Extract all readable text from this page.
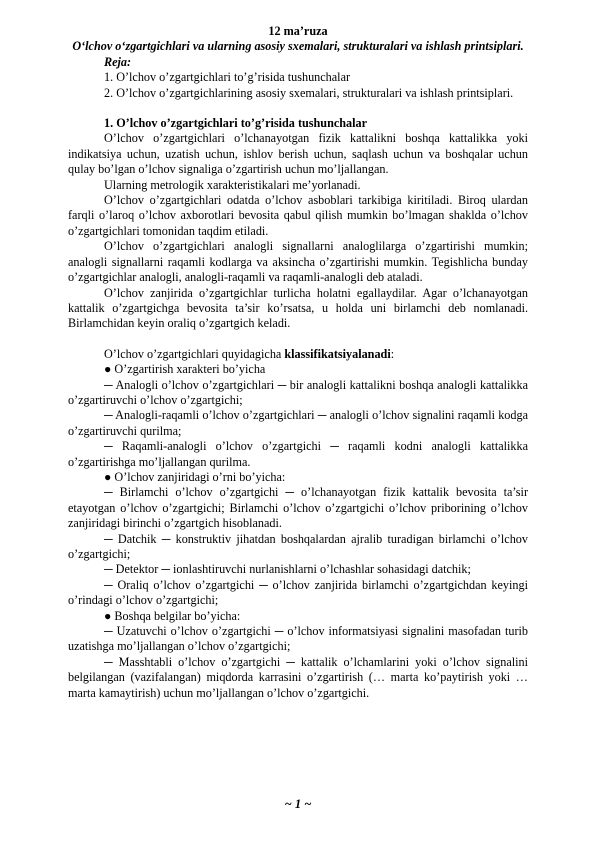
12 ma’ruza
O‘lchov o‘zgartgichlari va ularning asosiy sxemalari, strukturalari va ishlash printsiplari.
Reja:
1. O’lchov o’zgartgichlari to’g’risida tushunchalar
2. O’lchov o’zgartgichlarining asosiy sxemalari, strukturalari va ishlash printsiplari.
1. O’lchov o’zgartgichlari to’g’risida tushunchalar
O’lchov o’zgartgichlari o’lchanayotgan fizik kattalikni boshqa kattalikka yoki indikatsiya uchun, uzatish uchun, ishlov berish uchun, saqlash uchun va boshqalar uchun qulay bo’lgan o’lchov signaliga o’zgartirish uchun mo’ljallangan.
Ularning metrologik xarakteristikalari me’yorlanadi.
O’lchov o’zgartgichlari odatda o’lchov asboblari tarkibiga kiritiladi. Biroq ulardan farqli o’laroq o’lchov axborotlari bevosita qabul qilish mumkin bo’lmagan shaklda o’lchov o’zgartgichlari tomonidan taqdim etiladi.
O’lchov o’zgartgichlari analogli signallarni analoglilarga o’zgartirishi mumkin; analogli signallarni raqamli kodlarga va aksincha o’zgartirishi mumkin. Tegishlicha bunday o’zgartgichlar analogli, analogli-raqamli va raqamli-analogli deb ataladi.
O’lchov zanjirida o’zgartgichlar turlicha holatni egallaydilar. Agar o’lchanayotgan kattalik o’zgartgichga bevosita ta’sir ko’rsatsa, u holda uni birlamchi deb nomlanadi. Birlamchidan keyin oraliq o’zgartgich keladi.
O’lchov o’zgartgichlari quyidagicha klassifikatsiyalanadi:
● O’zgartirish xarakteri bo’yicha
─ Analogli o’lchov o’zgartgichlari ─ bir analogli kattalikni boshqa analogli kattalikka o’zgartiruvchi o’lchov o’zgartgichi;
─ Analogli-raqamli o’lchov o’zgartgichlari ─ analogli o’lchov signalini raqamli kodga o’zgartiruvchi qurilma;
─ Raqamli-analogli o’lchov o’zgartgichi ─ raqamli kodni analogli kattalikka o’zgartirishga mo’ljallangan qurilma.
● O’lchov zanjiridagi o’rni bo’yicha:
─ Birlamchi o’lchov o’zgartgichi ─ o’lchanayotgan fizik kattalik bevosita ta’sir etayotgan o’lchov o’zgartgichi; Birlamchi o’lchov o’zgartgichi o’lchov priborining o’lchov zanjiridagi birinchi o’zgartgich hisoblanadi.
─ Datchik ─ konstruktiv jihatdan boshqalardan ajralib turadigan birlamchi o’lchov o’zgartgichi;
─ Detektor ─ ionlashtiruvchi nurlanishlarni o’lchashlar sohasidagi datchik;
─ Oraliq o’lchov o’zgartgichi ─ o’lchov zanjirida birlamchi o’zgartgichdan keyingi o’rindagi o’lchov o’zgartgichi;
● Boshqa belgilar bo’yicha:
─ Uzatuvchi o’lchov o’zgartgichi ─ o’lchov informatsiyasi signalini masofadan turib uzatishga mo’ljallangan o’lchov o’zgartgichi;
─ Masshtabli o’lchov o’zgartgichi ─ kattalik o’lchamlarini yoki o’lchov signalini belgilangan (vazifalangan) miqdorda karrasini o’zgartirish (… marta ko’paytirish yoki … marta kamaytirish) uchun mo’ljallangan o’lchov o’zgartgichi.
~ 1 ~
